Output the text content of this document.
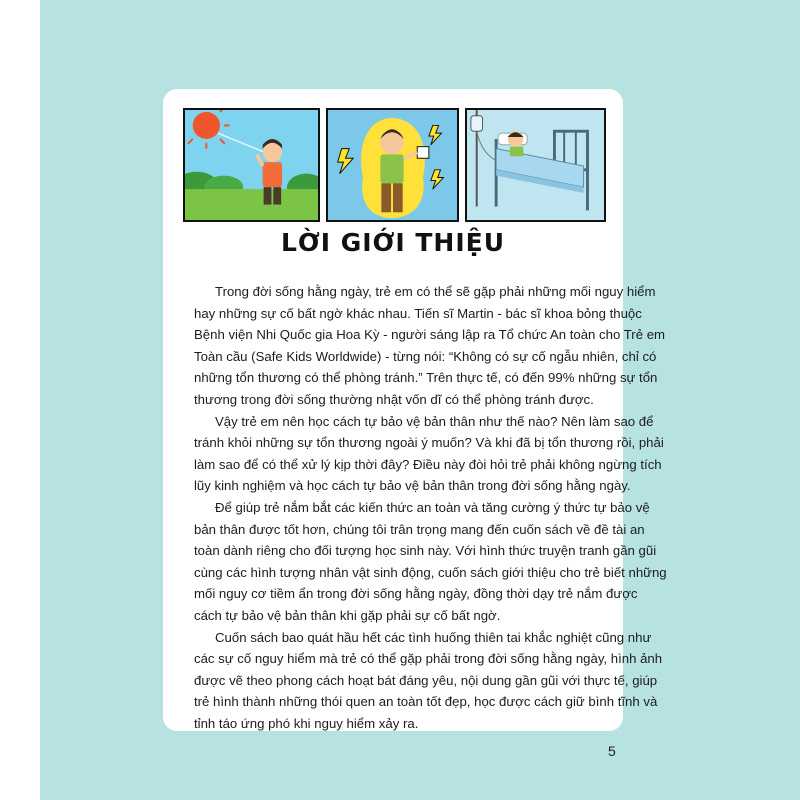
LỜI GIỚI THIỆU

Trong đời sống hằng ngày, trẻ em có thể sẽ gặp phải những mối nguy hiểm
hay những sự cố bất ngờ khác nhau. Tiến sĩ Martin - bác sĩ khoa bỏng thuộc
Bệnh viện Nhi Quốc gia Hoa Kỳ - người sáng lập ra Tổ chức An toàn cho Trẻ em
Toàn cầu (Safe Kids Worldwide) - từng nói: “Không có sự cố ngẫu nhiên, chỉ có
những tổn thương có thể phòng tránh.” Trên thực tế, có đến 99% những sự tổn
thương trong đời sống thường nhật vốn dĩ có thể phòng tránh được.

Vậy trẻ em nên học cách tự bảo vệ bản thân như thế nào? Nên làm sao để
tránh khỏi những sự tổn thương ngoài ý muốn? Và khi đã bị tổn thương rồi, phải
làm sao để có thể xử lý kịp thời đây? Điều này đòi hỏi trẻ phải không ngừng tích
lũy kinh nghiệm và học cách tự bảo vệ bản thân trong đời sống hằng ngày.

Để giúp trẻ nắm bắt các kiến thức an toàn và tăng cường ý thức tự bảo vệ
bản thân được tốt hơn, chúng tôi trân trọng mang đến cuốn sách về đề tài an
toàn dành riêng cho đối tượng học sinh này. Với hình thức truyện tranh gần gũi
cùng các hình tượng nhân vật sinh động, cuốn sách giới thiệu cho trẻ biết những
mối nguy cơ tiềm ẩn trong đời sống hằng ngày, đồng thời dạy trẻ nắm được
cách tự bảo vệ bản thân khi gặp phải sự cố bất ngờ.

Cuốn sách bao quát hầu hết các tình huống thiên tai khắc nghiệt cũng như
các sự cố nguy hiểm mà trẻ có thể gặp phải trong đời sống hằng ngày, hình ảnh
được vẽ theo phong cách hoạt bát đáng yêu, nội dung gần gũi với thực tế, giúp
trẻ hình thành những thói quen an toàn tốt đẹp, học được cách giữ bình tĩnh và
tỉnh táo ứng phó khi nguy hiểm xảy ra.

5
